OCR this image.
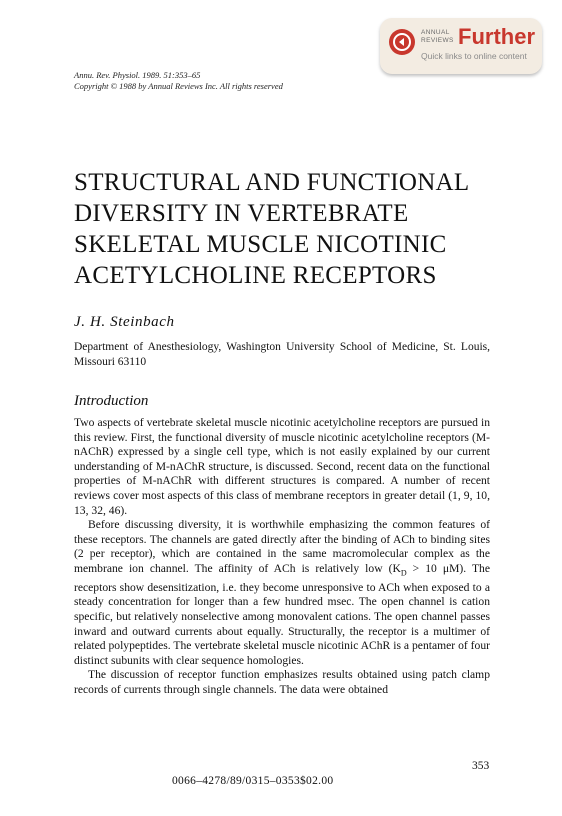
ANNUAL
REVIEWS Further
Quick links to online content
Annu. Rev. Physiol. 1989. 51:353–65
Copyright © 1988 by Annual Reviews Inc. All rights reserved
STRUCTURAL AND FUNCTIONAL DIVERSITY IN VERTEBRATE SKELETAL MUSCLE NICOTINIC ACETYLCHOLINE RECEPTORS
J. H. Steinbach
Department of Anesthesiology, Washington University School of Medicine, St. Louis, Missouri 63110
Introduction

Two aspects of vertebrate skeletal muscle nicotinic acetylcholine receptors are pursued in this review. First, the functional diversity of muscle nicotinic acetylcholine receptors (M-nAChR) expressed by a single cell type, which is not easily explained by our current understanding of M-nAChR structure, is discussed. Second, recent data on the functional properties of M-nAChR with different structures is compared. A number of recent reviews cover most aspects of this class of membrane receptors in greater detail (1, 9, 10, 13, 32, 46).

Before discussing diversity, it is worthwhile emphasizing the common features of these receptors. The channels are gated directly after the binding of ACh to binding sites (2 per receptor), which are contained in the same macromolecular complex as the membrane ion channel. The affinity of ACh is relatively low ($K_D > 10$ μM). The receptors show desensitization, i.e. they become unresponsive to ACh when exposed to a steady concentration for longer than a few hundred msec. The open channel is cation specific, but relatively nonselective among monovalent cations. The open channel passes inward and outward currents about equally. Structurally, the receptor is a multimer of related polypeptides. The vertebrate skeletal muscle nicotinic AChR is a pentamer of four distinct subunits with clear sequence homologies.

The discussion of receptor function emphasizes results obtained using patch clamp records of currents through single channels. The data were obtained

353
0066–4278/89/0315–0353$02.00
